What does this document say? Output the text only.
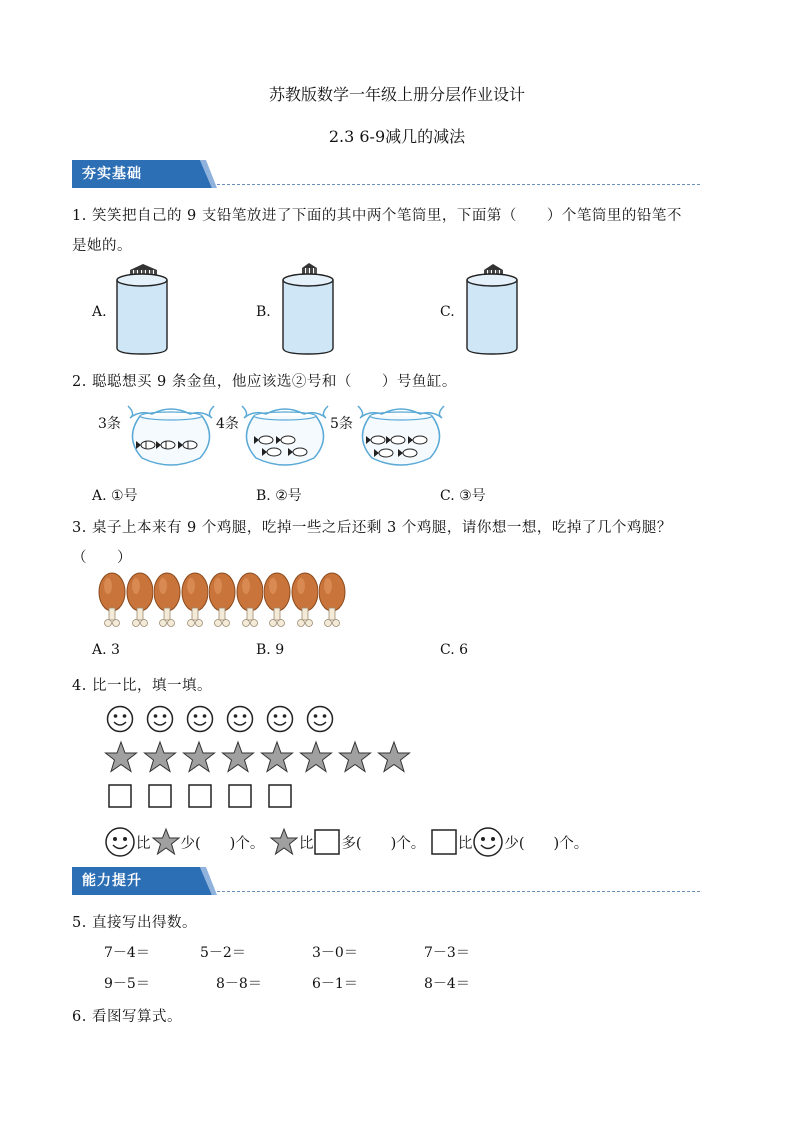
苏教版数学一年级上册分层作业设计
2.3 6-9减几的减法
夯实基础
1. 笑笑把自己的 9 支铅笔放进了下面的其中两个笔筒里，下面第（　　）个笔筒里的铅笔不
是她的。
A.	B.	C.
2. 聪聪想买 9 条金鱼，他应该选②号和（　　）号鱼缸。
3条	4条	5条
A. ①号	B. ②号	C. ③号
3. 桌子上本来有 9 个鸡腿，吃掉一些之后还剩 3 个鸡腿，请你想一想，吃掉了几个鸡腿？
（　　）
A. 3	B. 9	C. 6
4. 比一比，填一填。
比 少(　　)个。 比 多(　　)个。 比 少(　　)个。
能力提升
5. 直接写出得数。
7－4＝	5－2＝	3－0＝	7－3＝
9－5＝	8－8＝	6－1＝	8－4＝
6. 看图写算式。
